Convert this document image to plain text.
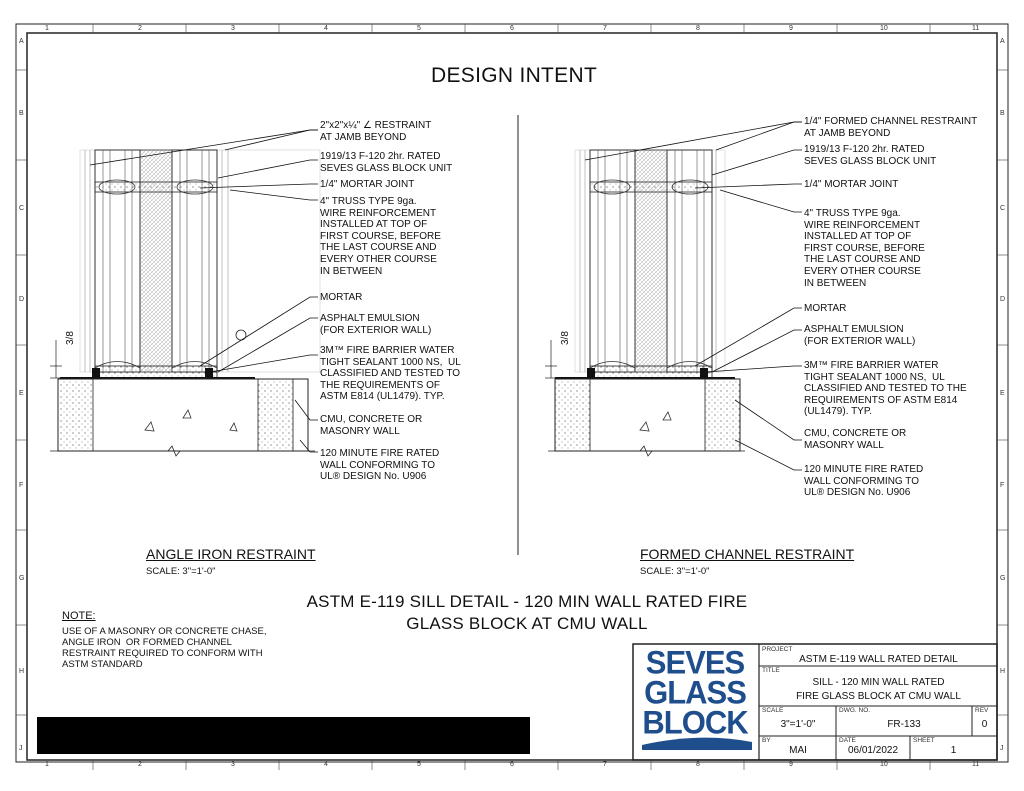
1	2	3	4	5	6	7	8	9	10	11
1	2	3	4	5	6	7	8	9	10	11
A
B
C
D
E
F
G
H
J
A
B
C
D
E
F
G
H
J
DESIGN INTENT
2"x2"x¼" ∠ RESTRAINT
AT JAMB BEYOND
1919/13 F-120 2hr. RATED
SEVES GLASS BLOCK UNIT
1/4" MORTAR JOINT
4" TRUSS TYPE 9ga.
WIRE REINFORCEMENT
INSTALLED AT TOP OF
FIRST COURSE, BEFORE
THE LAST COURSE AND
EVERY OTHER COURSE
IN BETWEEN
MORTAR
ASPHALT EMULSION
(FOR EXTERIOR WALL)
3M™ FIRE BARRIER WATER
TIGHT SEALANT 1000 NS,  UL
CLASSIFIED AND TESTED TO
THE REQUIREMENTS OF
ASTM E814 (UL1479). TYP.
CMU, CONCRETE OR
MASONRY WALL
120 MINUTE FIRE RATED
WALL CONFORMING TO
UL® DESIGN No. U906
3/8
ANGLE IRON RESTRAINT
SCALE: 3"=1'-0"
1/4" FORMED CHANNEL RESTRAINT
AT JAMB BEYOND
1919/13 F-120 2hr. RATED
SEVES GLASS BLOCK UNIT
1/4" MORTAR JOINT
4" TRUSS TYPE 9ga.
WIRE REINFORCEMENT
INSTALLED AT TOP OF
FIRST COURSE, BEFORE
THE LAST COURSE AND
EVERY OTHER COURSE
IN BETWEEN
MORTAR
ASPHALT EMULSION
(FOR EXTERIOR WALL)
3M™ FIRE BARRIER WATER
TIGHT SEALANT 1000 NS,  UL
CLASSIFIED AND TESTED TO THE
REQUIREMENTS OF ASTM E814
(UL1479). TYP.
CMU, CONCRETE OR
MASONRY WALL
120 MINUTE FIRE RATED
WALL CONFORMING TO
UL® DESIGN No. U906
3/8
FORMED CHANNEL RESTRAINT
SCALE: 3"=1'-0"
ASTM E-119 SILL DETAIL - 120 MIN WALL RATED FIRE
GLASS BLOCK AT CMU WALL
NOTE:
USE OF A MASONRY OR CONCRETE CHASE,
ANGLE IRON  OR FORMED CHANNEL
RESTRAINT REQUIRED TO CONFORM WITH
ASTM STANDARD	SEVES
GLASS
BLOCK
PROJECT
ASTM E-119 WALL RATED DETAIL
TITLE
SILL - 120 MIN WALL RATED
FIRE GLASS BLOCK AT CMU WALL
SCALE
3"=1'-0"
DWG. NO.
FR-133
REV
0
BY
MAI
DATE
06/01/2022
SHEET
1
